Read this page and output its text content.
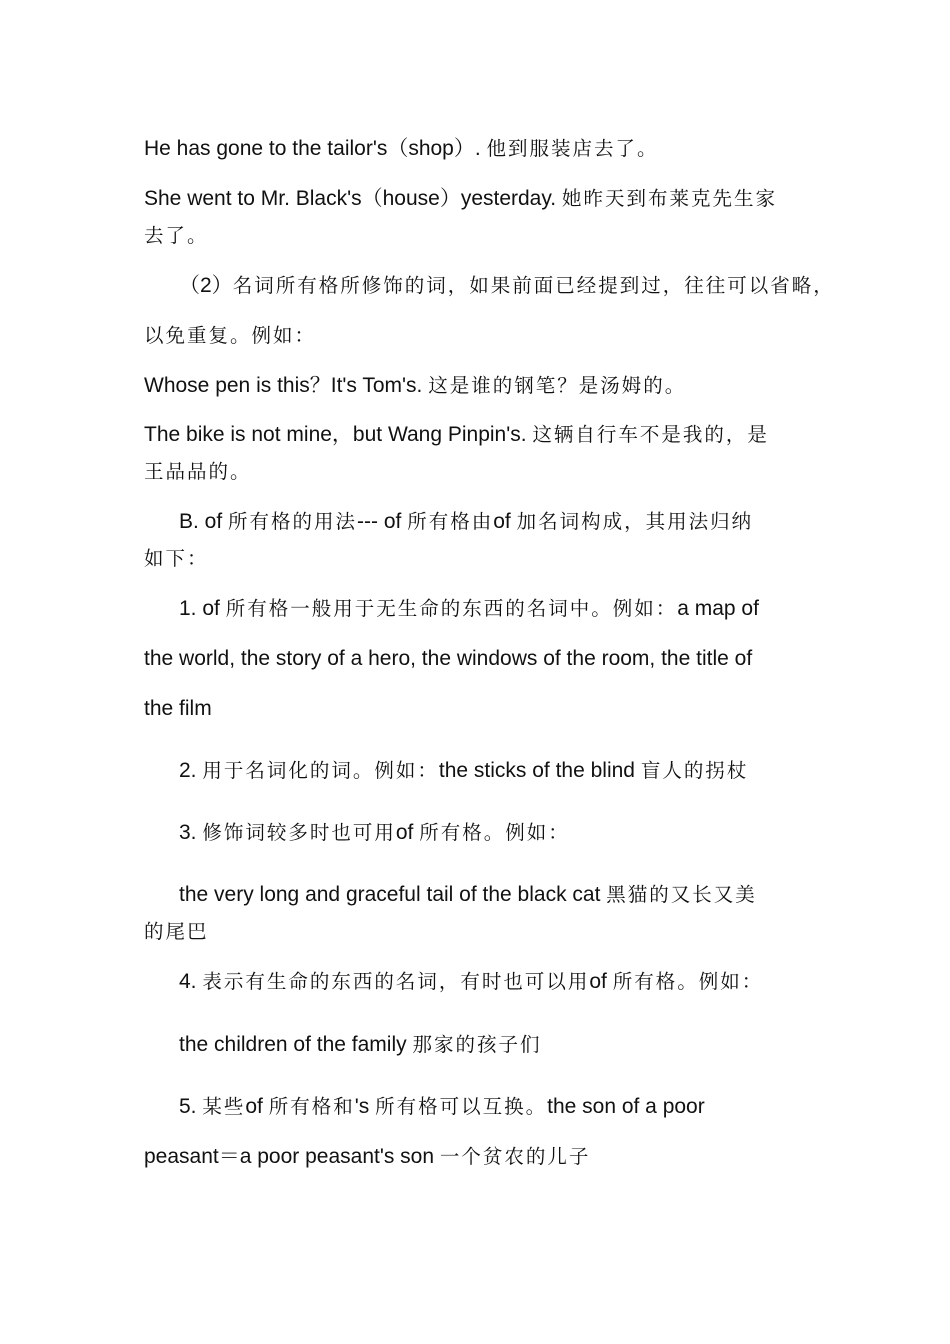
He has gone to the tailor's（shop）. 他到服装店去了。

She went to Mr. Black's（house）yesterday. 她昨天到布莱克先生家

去了。

（2）名词所有格所修饰的词，如果前面已经提到过，往往可以省略，

以免重复。例如：

Whose pen is this？It's Tom's. 这是谁的钢笔？是汤姆的。

The bike is not mine，but Wang Pinpin's. 这辆自行车不是我的，是

王品品的。

B. of 所有格的用法--- of 所有格由of 加名词构成，其用法归纳

如下：

1. of 所有格一般用于无生命的东西的名词中。例如：a map of

the world, the story of a hero, the windows of the room, the title of

the film

2. 用于名词化的词。例如：the sticks of the blind 盲人的拐杖

3. 修饰词较多时也可用of 所有格。例如：

the very long and graceful tail of the black cat 黑猫的又长又美

的尾巴

4. 表示有生命的东西的名词，有时也可以用of 所有格。例如：

the children of the family 那家的孩子们

5. 某些of 所有格和's 所有格可以互换。the son of a poor

peasant＝a poor peasant's son 一个贫农的儿子
